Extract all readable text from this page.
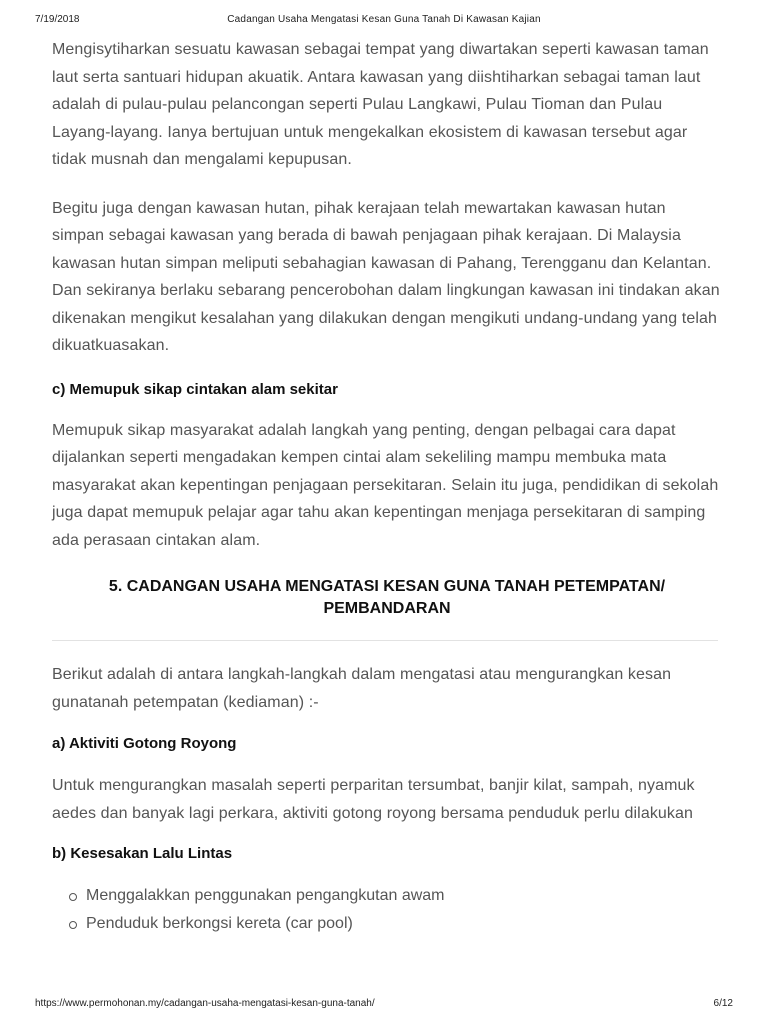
7/19/2018	Cadangan Usaha Mengatasi Kesan Guna Tanah Di Kawasan Kajian

Mengisytiharkan sesuatu kawasan sebagai tempat yang diwartakan seperti kawasan taman laut serta santuari hidupan akuatik. Antara kawasan yang diishtiharkan sebagai taman laut adalah di pulau-pulau pelancongan seperti Pulau Langkawi, Pulau Tioman dan Pulau Layang-layang. Ianya bertujuan untuk mengekalkan ekosistem di kawasan tersebut agar tidak musnah dan mengalami kepupusan.

Begitu juga dengan kawasan hutan, pihak kerajaan telah mewartakan kawasan hutan simpan sebagai kawasan yang berada di bawah penjagaan pihak kerajaan. Di Malaysia kawasan hutan simpan meliputi sebahagian kawasan di Pahang, Terengganu dan Kelantan. Dan sekiranya berlaku sebarang pencerobohan dalam lingkungan kawasan ini tindakan akan dikenakan mengikut kesalahan yang dilakukan dengan mengikuti undang-undang yang telah dikuatkuasakan.

c) Memupuk sikap cintakan alam sekitar

Memupuk sikap masyarakat adalah langkah yang penting, dengan pelbagai cara dapat dijalankan seperti mengadakan kempen cintai alam sekeliling mampu membuka mata masyarakat akan kepentingan penjagaan persekitaran. Selain itu juga, pendidikan di sekolah juga dapat memupuk pelajar agar tahu akan kepentingan menjaga persekitaran di samping ada perasaan cintakan alam.

5. CADANGAN USAHA MENGATASI KESAN GUNA TANAH PETEMPATAN/ PEMBANDARAN

Berikut adalah di antara langkah-langkah dalam mengatasi atau mengurangkan kesan gunatanah petempatan (kediaman) :-

a) Aktiviti Gotong Royong

Untuk mengurangkan masalah seperti perparitan tersumbat, banjir kilat, sampah, nyamuk aedes dan banyak lagi perkara, aktiviti gotong royong bersama penduduk perlu dilakukan

b) Kesesakan Lalu Lintas

Menggalakkan penggunakan pengangkutan awam
Penduduk berkongsi kereta (car pool)
https://www.permohonan.my/cadangan-usaha-mengatasi-kesan-guna-tanah/	6/12
